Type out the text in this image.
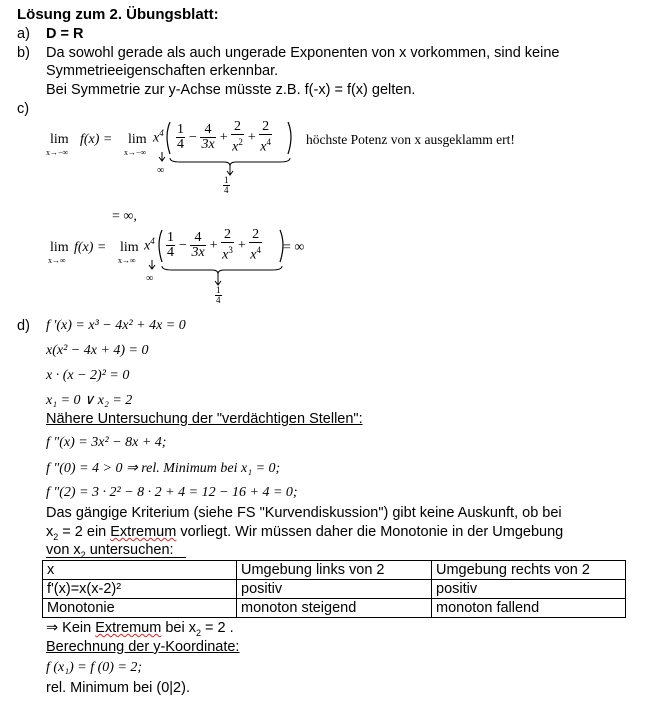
Lösung zum 2. Übungsblatt:
a) D = R
b) Da sowohl gerade als auch ungerade Exponenten von x vorkommen, sind keine
Symmetrieeigenschaften erkennbar.
Bei Symmetrie zur y-Achse müsste z.B. f(-x) = f(x) gelten.
c)
lim
x→−∞
f(x) = lim
x→−∞
$x^4 \frac{1}{4} - \frac{4}{3x} + \frac{2}{x^2} + \frac{2}{x^4}$
∞
$\frac{1}{4}$
höchste Potenz von x ausgeklamm ert!
= ∞,
lim
x→∞
f(x) = lim
x→∞
$x^4 \frac{1}{4} - \frac{4}{3x} + \frac{2}{x^3} + \frac{2}{x^4}$ = ∞
∞
$\frac{1}{4}$
d) f '(x) = x³ − 4x² + 4x = 0
x(x² − 4x + 4) = 0
x · (x − 2)² = 0
x₁ = 0 ∨ x₂ = 2
Nähere Untersuchung der "verdächtigen Stellen":
f "(x) = 3x² − 8x + 4;
f "(0) = 4 > 0 ⇒ rel. Minimum bei x₁ = 0;
f "(2) = 3 · 2² − 8 · 2 + 4 = 12 − 16 + 4 = 0;
Das gängige Kriterium (siehe FS "Kurvendiskussion") gibt keine Auskunft, ob bei
$x_2 = 2$ ein Extremum vorliegt. Wir müssen daher die Monotonie in der Umgebung
von $x_2$ untersuchen:
x	Umgebung links von 2	Umgebung rechts von 2
f'(x)=x(x-2)²	positiv	positiv
Monotonie	monoton steigend	monoton fallend
⇒ Kein Extremum bei $x_2 = 2$ .
Berechnung der y-Koordinate:
f (x₁) = f (0) = 2;
rel. Minimum bei (0|2).
